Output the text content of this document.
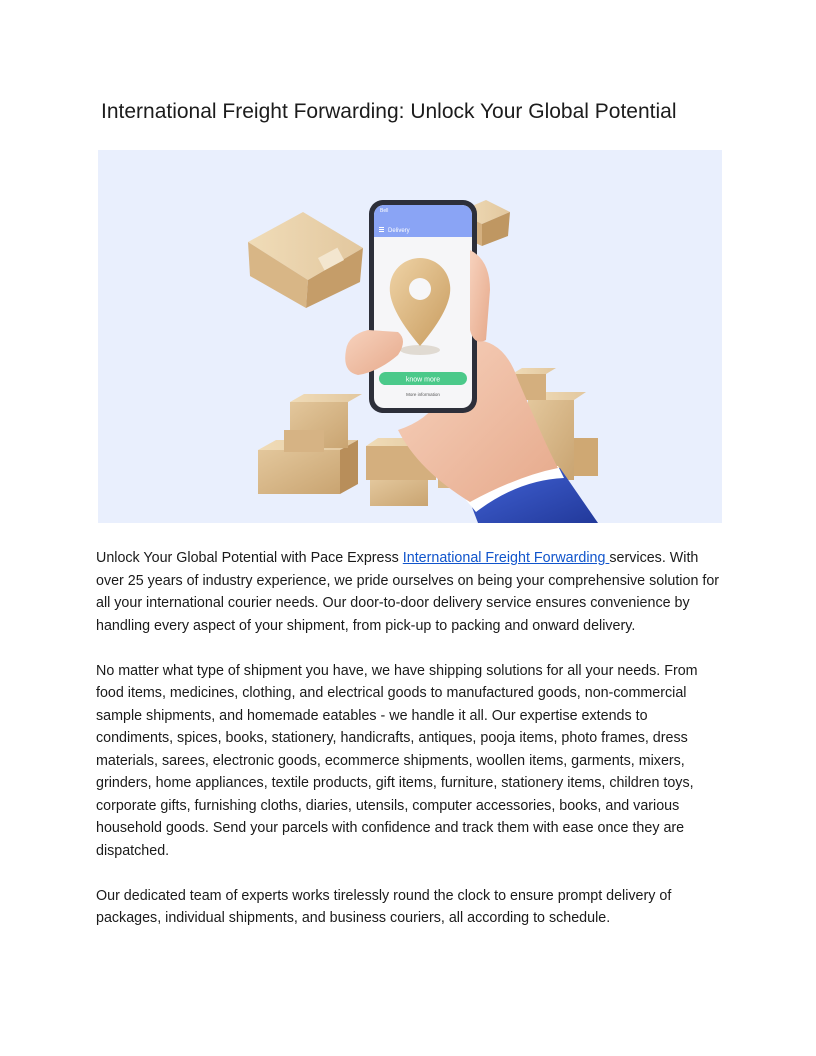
International Freight Forwarding: Unlock Your Global Potential
Bell
Delivery
know more
More information

Unlock Your Global Potential with Pace Express International Freight Forwarding services. With over 25 years of industry experience, we pride ourselves on being your comprehensive solution for all your international courier needs. Our door-to-door delivery service ensures convenience by handling every aspect of your shipment, from pick-up to packing and onward delivery.

No matter what type of shipment you have, we have shipping solutions for all your needs. From food items, medicines, clothing, and electrical goods to manufactured goods, non-commercial sample shipments, and homemade eatables - we handle it all. Our expertise extends to condiments, spices, books, stationery, handicrafts, antiques, pooja items, photo frames, dress materials, sarees, electronic goods, ecommerce shipments, woollen items, garments, mixers, grinders, home appliances, textile products, gift items, furniture, stationery items, children toys, corporate gifts, furnishing cloths, diaries, utensils, computer accessories, books, and various household goods. Send your parcels with confidence and track them with ease once they are dispatched.

Our dedicated team of experts works tirelessly round the clock to ensure prompt delivery of packages, individual shipments, and business couriers, all according to schedule.
